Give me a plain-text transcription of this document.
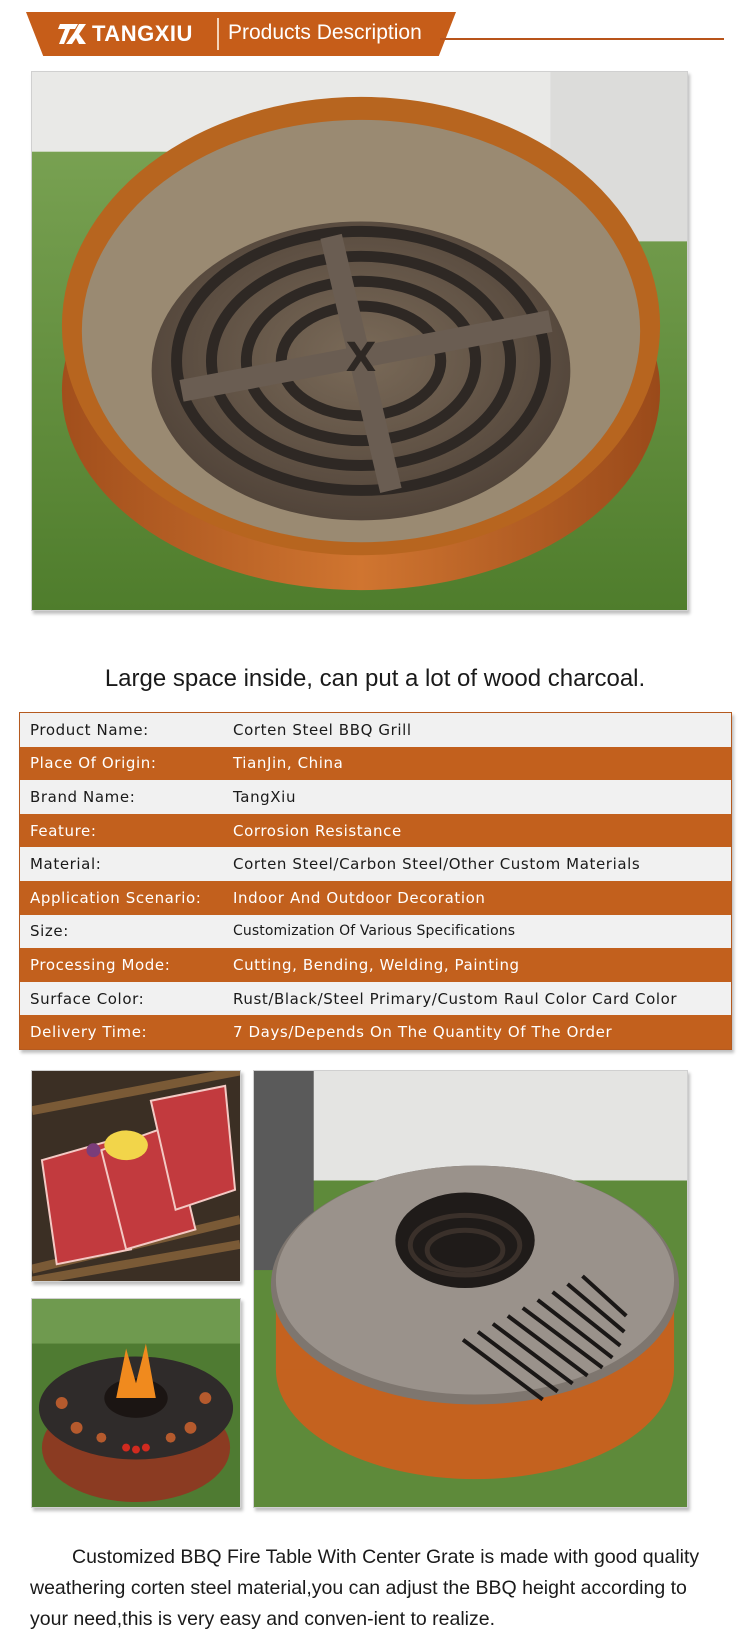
TANGXIU Products Description
X
Large space inside, can put a lot of wood charcoal.
Product Name:	Corten Steel BBQ Grill
Place Of Origin:	TianJin, China
Brand Name:	TangXiu
Feature:	Corrosion Resistance
Material:	Corten Steel/Carbon Steel/Other Custom Materials
Application Scenario:	Indoor And Outdoor Decoration
Size:	Customization Of Various Specifications
Processing Mode:	Cutting, Bending, Welding, Painting
Surface Color:	Rust/Black/Steel Primary/Custom Raul Color Card Color
Delivery Time:	7 Days/Depends On The Quantity Of The Order

Customized BBQ Fire Table With Center Grate is made with good quality weathering corten steel material,you can adjust the BBQ height according to your need,this is very easy and conven-ient to realize.
